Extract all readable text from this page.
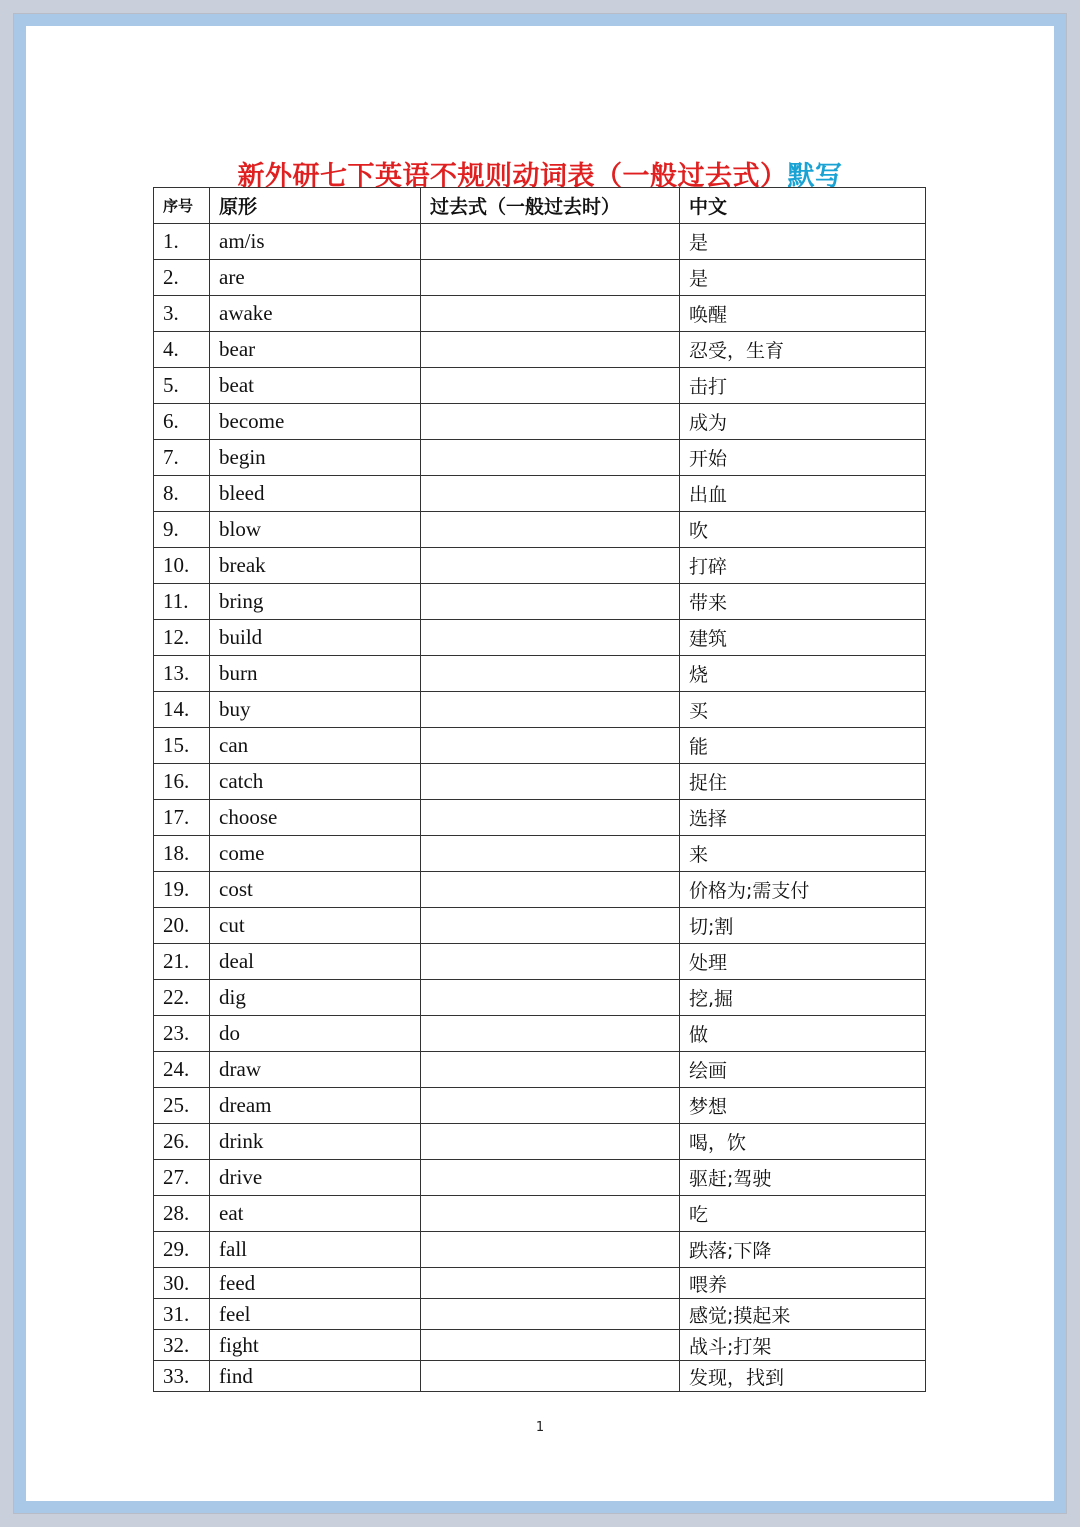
新外研七下英语不规则动词表（一般过去式）默写
序号	原形	过去式（一般过去时）	中文
1.	am/is		是
2.	are		是
3.	awake		唤醒
4.	bear		忍受，生育
5.	beat		击打
6.	become		成为
7.	begin		开始
8.	bleed		出血
9.	blow		吹
10.	break		打碎
11.	bring		带来
12.	build		建筑
13.	burn		烧
14.	buy		买
15.	can		能
16.	catch		捉住
17.	choose		选择
18.	come		来
19.	cost		价格为;需支付
20.	cut		切;割
21.	deal		处理
22.	dig		挖,掘
23.	do		做
24.	draw		绘画
25.	dream		梦想
26.	drink		喝，饮
27.	drive		驱赶;驾驶
28.	eat		吃
29.	fall		跌落;下降
30.	feed		喂养
31.	feel		感觉;摸起来
32.	fight		战斗;打架
33.	find		发现，找到
1
